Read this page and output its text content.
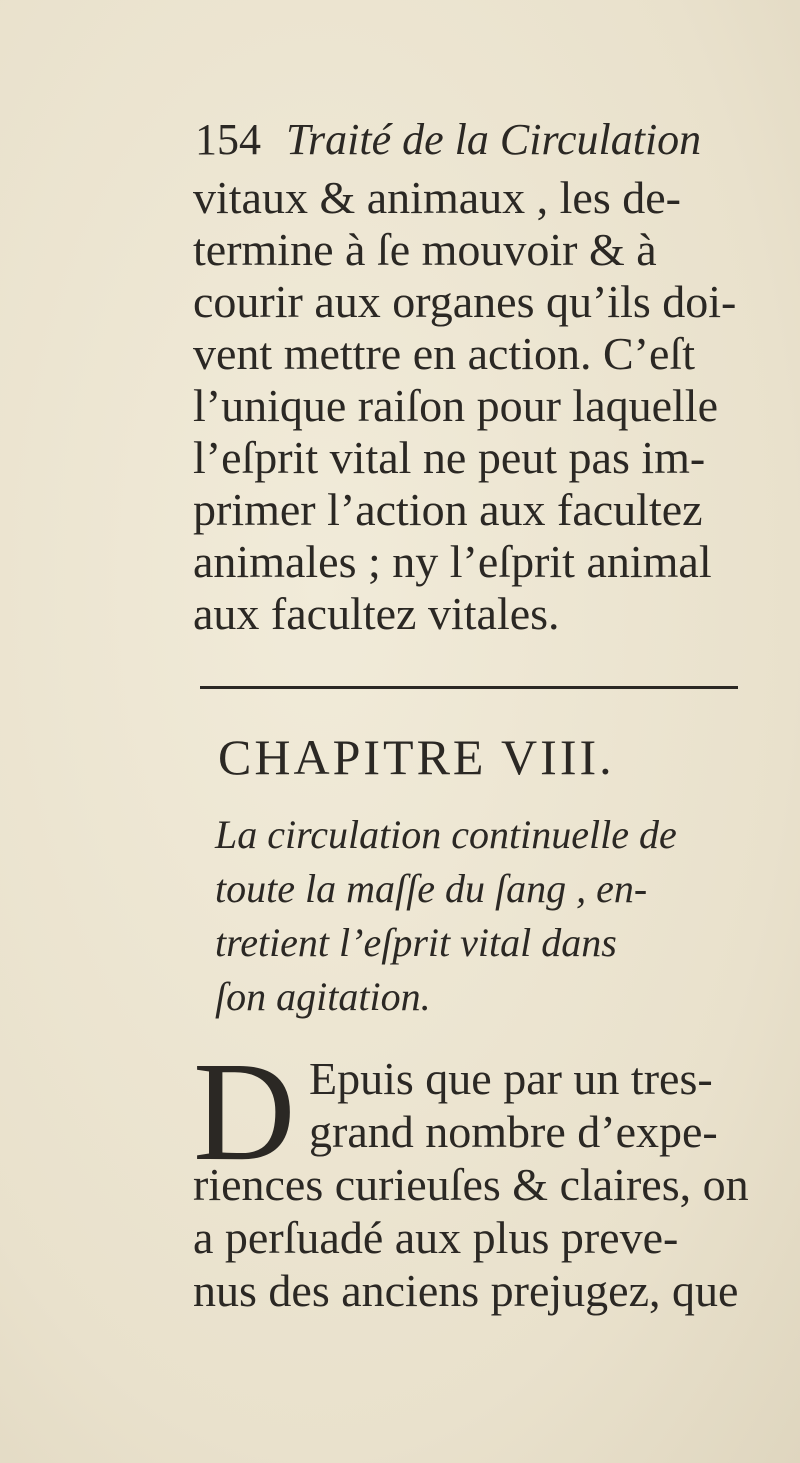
154 Traité de la Circulation
vitaux & animaux , les de-
termine à ſe mouvoir & à
courir aux organes qu’ils doi-
vent mettre en action. C’eſt
l’unique raiſon pour laquelle
l’eſprit vital ne peut pas im-
primer l’action aux facultez
animales ; ny l’eſprit animal
aux facultez vitales.
CHAPITRE VIII.
La circulation continuelle de
toute la maſſe du ſang , en-
tretient l’eſprit vital dans
ſon agitation.
D Epuis que par un tres-
grand nombre d’expe-
riences curieuſes & claires, on
a perſuadé aux plus preve-
nus des anciens prejugez, que
